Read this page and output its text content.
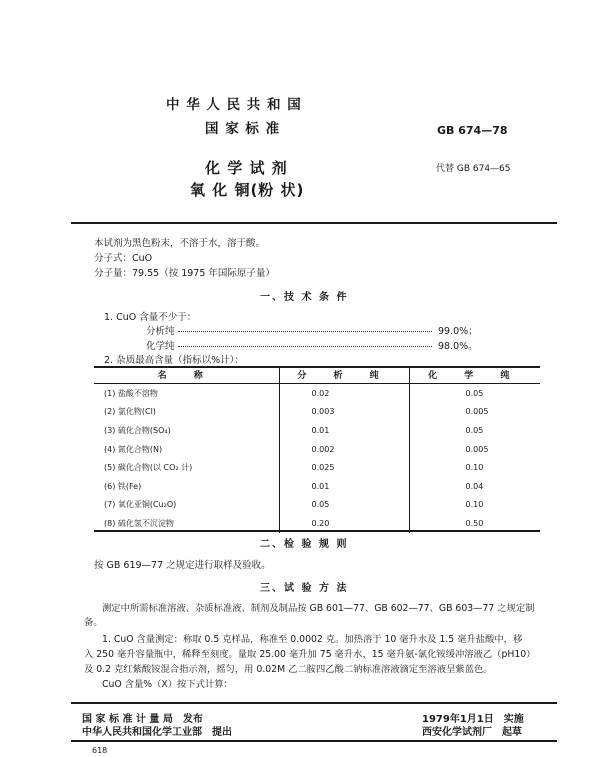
中 华 人 民 共 和 国
国 家 标 准	GB 674—78
化 学 试 剂
氧 化 铜(粉 状)
代替 GB 674—65
本试剂为黑色粉末，不溶于水，溶于酸。
分子式：CuO
分子量：79.55（按 1975 年国际原子量）
一、技 术 条 件
1. CuO 含量不少于：
分析纯	99.0%；
化学纯	98.0%。
2. 杂质最高含量（指标以%计）：
名 称	分 析 纯	化 学 纯
(1) 盐酸不溶物	0.02	0.05
(2) 氯化物(Cl)	0.003	0.005
(3) 硫化合物(SO₄)	0.01	0.05
(4) 氮化合物(N)	0.002	0.005
(5) 碳化合物(以 CO₂ 计)	0.025	0.10
(6) 铁(Fe)	0.01	0.04
(7) 氧化亚铜(Cu₂O)	0.05	0.10
(8) 硫化氢不沉淀物	0.20	0.50
二、检 验 规 则
按 GB 619—77 之规定进行取样及验收。
三、试 验 方 法
测定中所需标准溶液、杂质标准液、制剂及制品按 GB 601—77、GB 602—77、GB 603—77 之规定制
备。
1. CuO 含量测定：称取 0.5 克样品，称准至 0.0002 克。加热溶于 10 毫升水及 1.5 毫升盐酸中，移
入 250 毫升容量瓶中，稀释至刻度。量取 25.00 毫升加 75 毫升水，15 毫升氨-氯化铵缓冲溶液乙（pH10）
及 0.2 克红紫酸铵混合指示剂，摇匀，用 0.02M 乙二胺四乙酸二钠标准溶液滴定至溶液呈紫蓝色。
CuO 含量%（X）按下式计算：
国 家 标 准 计 量 局　发布
中华人民共和国化学工业部　提出
1979年1月1日　实施
西安化学试剂厂　起草
618
